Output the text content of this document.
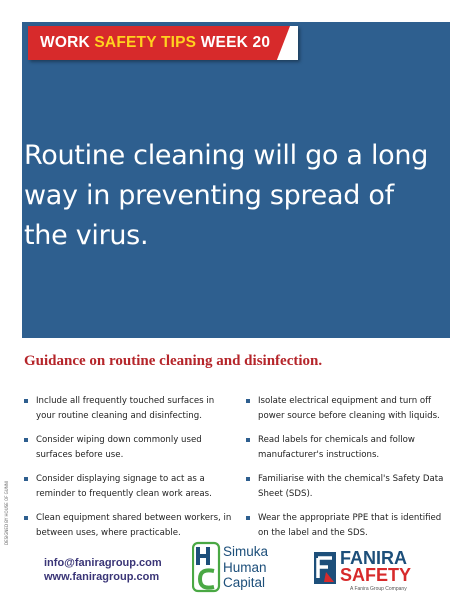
WORK SAFETY TIPS WEEK 20
Routine cleaning will go a long way in preventing spread of the virus.
Guidance on routine cleaning and disinfection.
Include all frequently touched surfaces in your routine cleaning and disinfecting.
Consider wiping down commonly used surfaces before use.
Consider displaying signage to act as a reminder to frequently clean work areas.
Clean equipment shared between workers, in between uses, where practicable.
Isolate electrical equipment and turn off power source before cleaning with liquids.
Read labels for chemicals and follow manufacturer's instructions.
Familiarise with the chemical's Safety Data Sheet (SDS).
Wear the appropriate PPE that is identified on the label and the SDS.
DESIGNED BY HOUSE OF GUNNI
info@faniragroup.com
www.faniragroup.com
Simuka
Human
Capital
FANIRA
SAFETY
A Fanira Group Company
